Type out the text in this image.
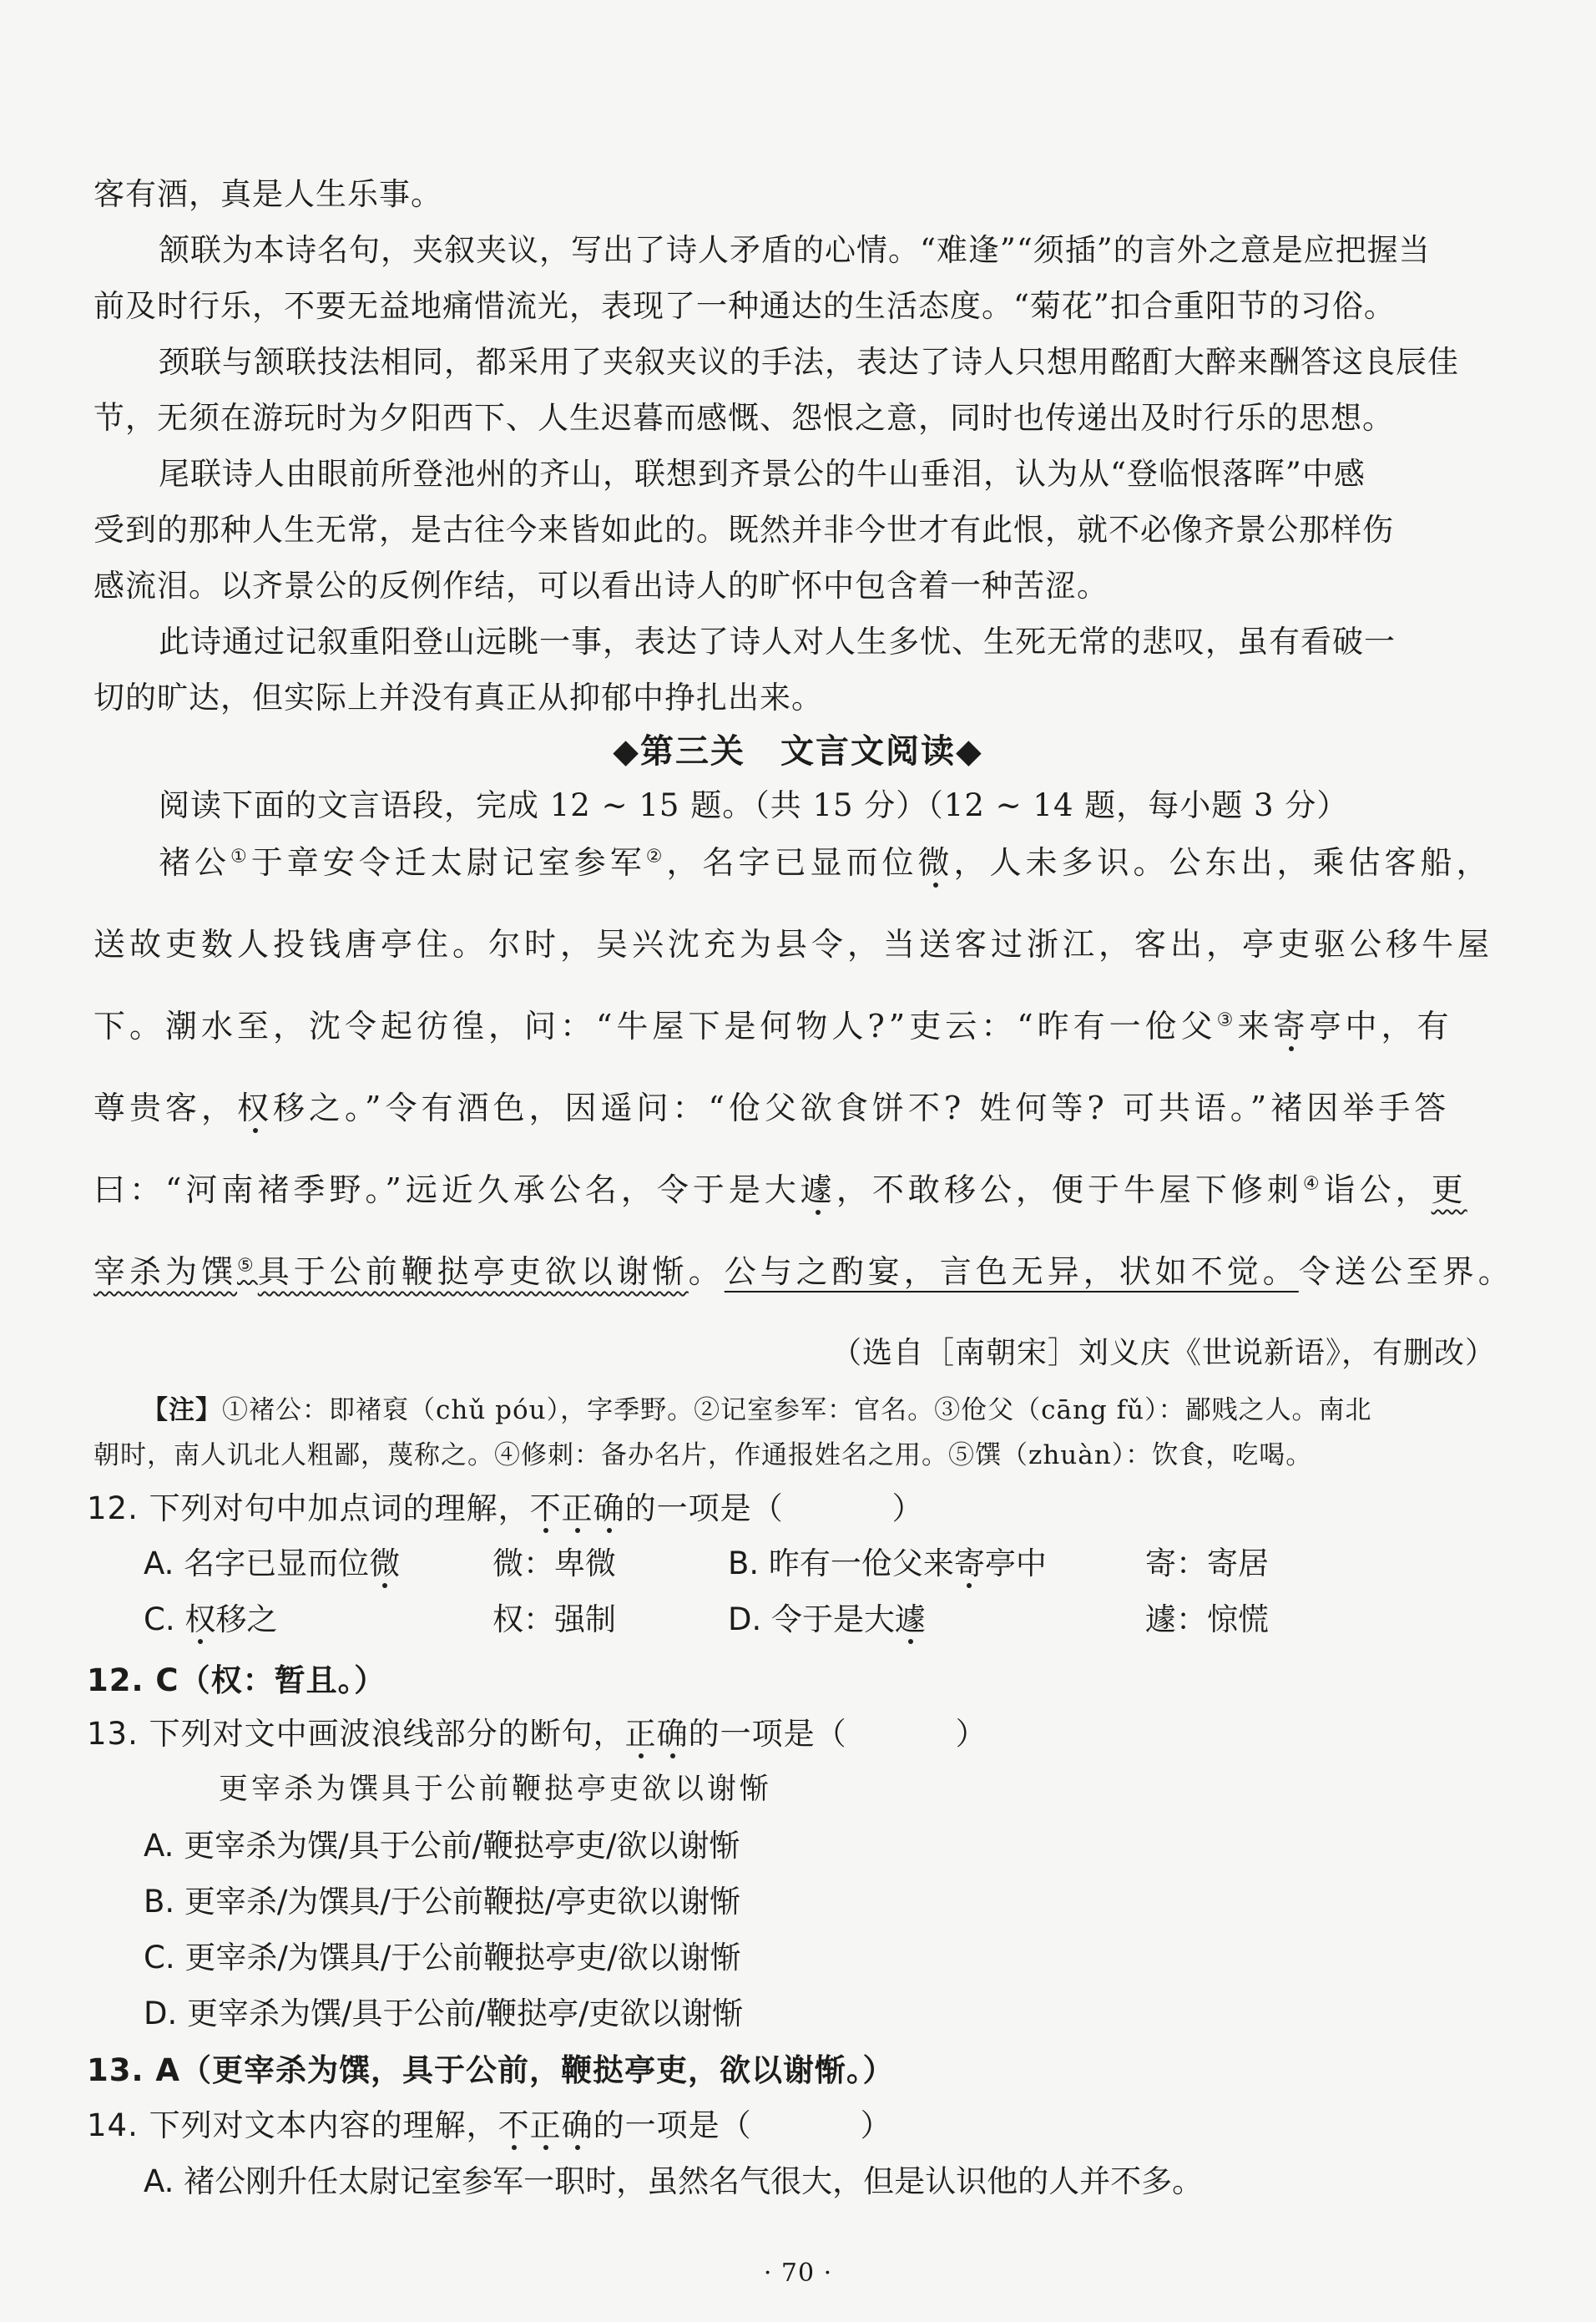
客有酒，真是人生乐事。
颔联为本诗名句，夹叙夹议，写出了诗人矛盾的心情。“难逢”“须插”的言外之意是应把握当
前及时行乐，不要无益地痛惜流光，表现了一种通达的生活态度。“菊花”扣合重阳节的习俗。
颈联与颔联技法相同，都采用了夹叙夹议的手法，表达了诗人只想用酩酊大醉来酬答这良辰佳
节，无须在游玩时为夕阳西下、人生迟暮而感慨、怨恨之意，同时也传递出及时行乐的思想。
尾联诗人由眼前所登池州的齐山，联想到齐景公的牛山垂泪，认为从“登临恨落晖”中感
受到的那种人生无常，是古往今来皆如此的。既然并非今世才有此恨，就不必像齐景公那样伤
感流泪。以齐景公的反例作结，可以看出诗人的旷怀中包含着一种苦涩。
此诗通过记叙重阳登山远眺一事，表达了诗人对人生多忧、生死无常的悲叹，虽有看破一
切的旷达，但实际上并没有真正从抑郁中挣扎出来。
◆第三关　文言文阅读◆
阅读下面的文言语段，完成 12 ~ 15 题。（共 15 分）（12 ~ 14 题，每小题 3 分）
褚公①于章安令迁太尉记室参军②，名字已显而位微，人未多识。公东出，乘估客船，
送故吏数人投钱唐亭住。尔时，吴兴沈充为县令，当送客过浙江，客出，亭吏驱公移牛屋
下。潮水至，沈令起彷徨，问：“牛屋下是何物人?”吏云：“昨有一伧父③来寄亭中，有
尊贵客，权移之。”令有酒色，因遥问：“伧父欲食饼不? 姓何等? 可共语。”褚因举手答
曰：“河南褚季野。”远近久承公名，令于是大遽，不敢移公，便于牛屋下修刺④诣公，更
宰杀为馔⑤具于公前鞭挞亭吏欲以谢惭。公与之酌宴，言色无异，状如不觉。令送公至界。
（选自［南朝宋］刘义庆《世说新语》，有删改）
【注】①褚公：即褚裒（chǔ póu），字季野。②记室参军：官名。③伧父（cāng fǔ）：鄙贱之人。南北
朝时，南人讥北人粗鄙，蔑称之。④修刺：备办名片，作通报姓名之用。⑤馔（zhuàn）：饮食，吃喝。
12. 下列对句中加点词的理解，不正确的一项是（	）
A. 名字已显而位微	微：卑微	B. 昨有一伧父来寄亭中	寄：寄居
C. 权移之	权：强制	D. 令于是大遽	遽：惊慌
12. C（权：暂且。）
13. 下列对文中画波浪线部分的断句，正确的一项是（	）
更宰杀为馔具于公前鞭挞亭吏欲以谢惭
A. 更宰杀为馔/具于公前/鞭挞亭吏/欲以谢惭
B. 更宰杀/为馔具/于公前鞭挞/亭吏欲以谢惭
C. 更宰杀/为馔具/于公前鞭挞亭吏/欲以谢惭
D. 更宰杀为馔/具于公前/鞭挞亭/吏欲以谢惭
13. A（更宰杀为馔，具于公前，鞭挞亭吏，欲以谢惭。）
14. 下列对文本内容的理解，不正确的一项是（	）
A. 褚公刚升任太尉记室参军一职时，虽然名气很大，但是认识他的人并不多。
· 70 ·
